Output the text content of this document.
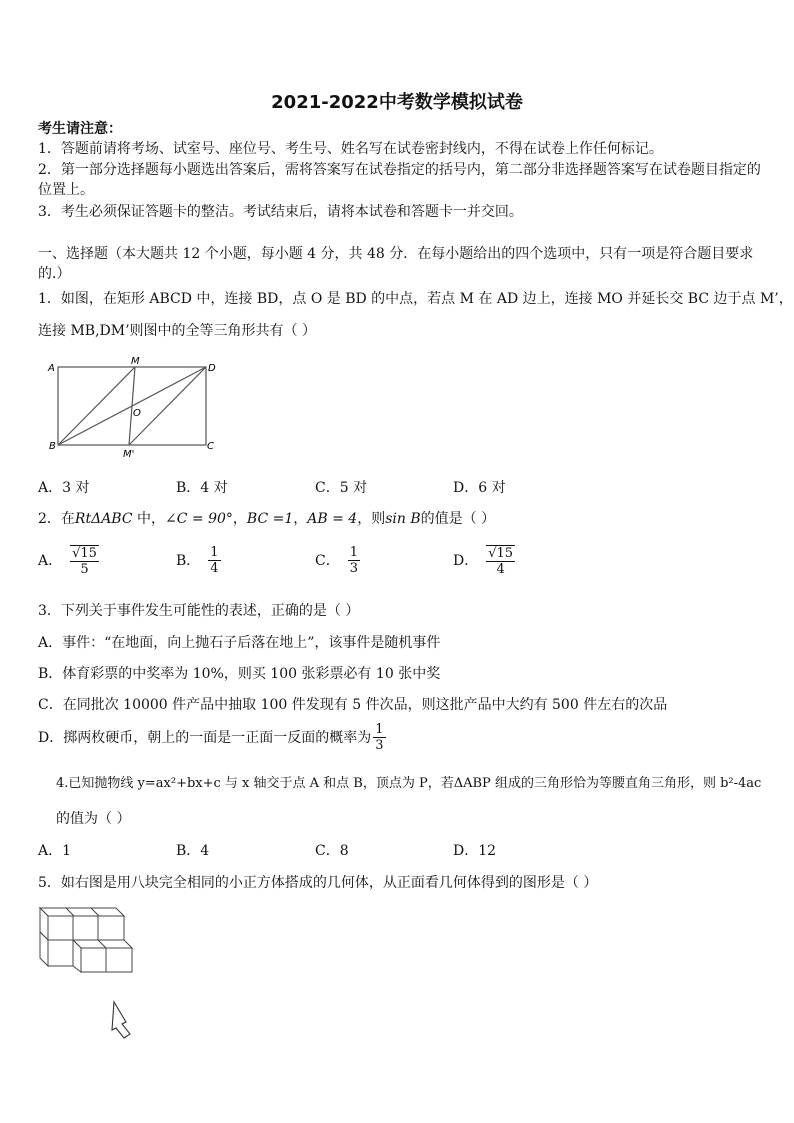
2021-2022中考数学模拟试卷
考生请注意：
1．答题前请将考场、试室号、座位号、考生号、姓名写在试卷密封线内，不得在试卷上作任何标记。
2．第一部分选择题每小题选出答案后，需将答案写在试卷指定的括号内，第二部分非选择题答案写在试卷题目指定的
位置上。
3．考生必须保证答题卡的整洁。考试结束后，请将本试卷和答题卡一并交回。
一、选择题（本大题共 12 个小题，每小题 4 分，共 48 分．在每小题给出的四个选项中，只有一项是符合题目要求
的.）
1．如图，在矩形 ABCD 中，连接 BD，点 O 是 BD 的中点，若点 M 在 AD 边上，连接 MO 并延长交 BC 边于点 M’，
连接 MB,DM’则图中的全等三角形共有（ ）
A
M
D
O
B
M'
C
A．3 对	B．4 对	C．5 对	D．6 对
2．在RtΔABC 中，∠C = 90°，BC =1，AB = 4，则sin B的值是（ ）
A． $\frac{√15}{5}$	B． $\frac{1}{4}$	C． $\frac{1}{3}$	D． $\frac{√15}{4}$
3．下列关于事件发生可能性的表述，正确的是（ ）
A．事件：“在地面，向上抛石子后落在地上”，该事件是随机事件
B．体育彩票的中奖率为 10%，则买 100 张彩票必有 10 张中奖
C．在同批次 10000 件产品中抽取 100 件发现有 5 件次品，则这批产品中大约有 500 件左右的次品
D．掷两枚硬币，朝上的一面是一正面一反面的概率为 $\frac{1}{3}$
4.已知抛物线 y=ax²+bx+c 与 x 轴交于点 A 和点 B，顶点为 P，若ΔABP 组成的三角形恰为等腰直角三角形，则 b²-4ac
的值为（ ）
A．1	B．4	C．8	D．12
5．如右图是用八块完全相同的小正方体搭成的几何体，从正面看几何体得到的图形是（ ）
